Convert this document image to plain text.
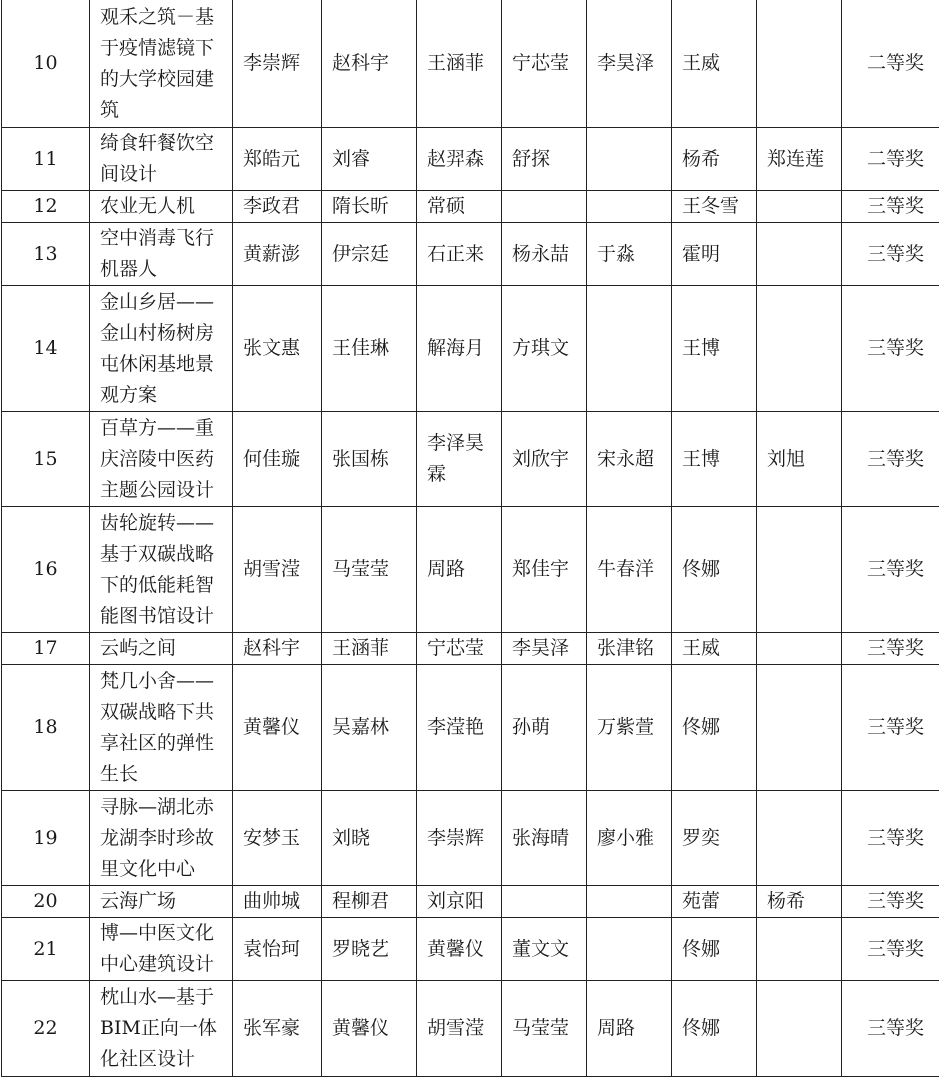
10	观禾之筑－基于疫情滤镜下的大学校园建筑	李崇辉	赵科宇	王涵菲	宁芯莹	李昊泽	王威		二等奖
11	绮食轩餐饮空间设计	郑皓元	刘睿	赵羿森	舒探		杨希	郑连莲	二等奖
12	农业无人机	李政君	隋长昕	常硕			王冬雪		三等奖
13	空中消毒飞行机器人	黄薪澎	伊宗廷	石正来	杨永喆	于淼	霍明		三等奖
14	金山乡居——金山村杨树房屯休闲基地景观方案	张文惠	王佳琳	解海月	方琪文		王博		三等奖
15	百草方——重庆涪陵中医药主题公园设计	何佳璇	张国栋	李泽昊霖	刘欣宇	宋永超	王博	刘旭	三等奖
16	齿轮旋转——基于双碳战略下的低能耗智能图书馆设计	胡雪滢	马莹莹	周路	郑佳宇	牛春洋	佟娜		三等奖
17	云屿之间	赵科宇	王涵菲	宁芯莹	李昊泽	张津铭	王威		三等奖
18	梵几小舍——双碳战略下共享社区的弹性生长	黄馨仪	吴嘉林	李滢艳	孙萌	万紫萱	佟娜		三等奖
19	寻脉—湖北赤龙湖李时珍故里文化中心	安梦玉	刘晓	李崇辉	张海晴	廖小雅	罗奕		三等奖
20	云海广场	曲帅城	程柳君	刘京阳			苑蕾	杨希	三等奖
21	博—中医文化中心建筑设计	袁怡珂	罗晓艺	黄馨仪	董文文		佟娜		三等奖
22	枕山水—基于BIM正向一体化社区设计	张军豪	黄馨仪	胡雪滢	马莹莹	周路	佟娜		三等奖
